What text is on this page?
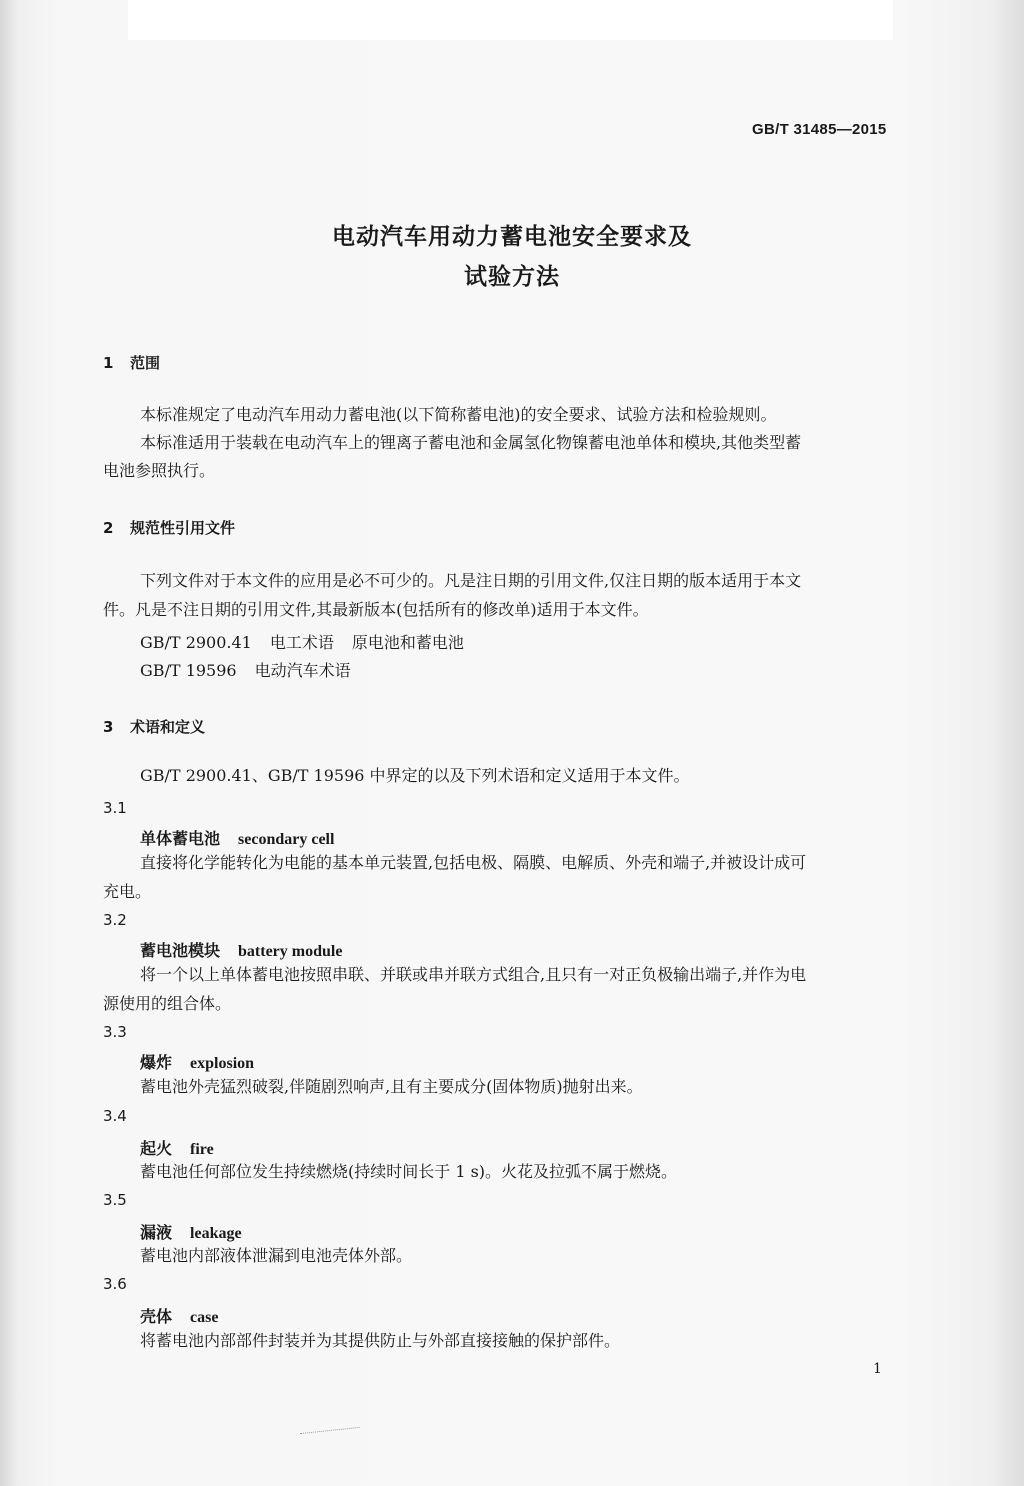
GB/T 31485—2015
电动汽车用动力蓄电池安全要求及
试验方法
1 范围
本标准规定了电动汽车用动力蓄电池(以下简称蓄电池)的安全要求、试验方法和检验规则。
本标准适用于装载在电动汽车上的锂离子蓄电池和金属氢化物镍蓄电池单体和模块,其他类型蓄
电池参照执行。
2 规范性引用文件
下列文件对于本文件的应用是必不可少的。凡是注日期的引用文件,仅注日期的版本适用于本文
件。凡是不注日期的引用文件,其最新版本(包括所有的修改单)适用于本文件。
GB/T 2900.41 电工术语 原电池和蓄电池
GB/T 19596 电动汽车术语
3 术语和定义
GB/T 2900.41、GB/T 19596 中界定的以及下列术语和定义适用于本文件。
3.1
单体蓄电池 secondary cell
直接将化学能转化为电能的基本单元装置,包括电极、隔膜、电解质、外壳和端子,并被设计成可
充电。
3.2
蓄电池模块 battery module
将一个以上单体蓄电池按照串联、并联或串并联方式组合,且只有一对正负极输出端子,并作为电
源使用的组合体。
3.3
爆炸 explosion
蓄电池外壳猛烈破裂,伴随剧烈响声,且有主要成分(固体物质)抛射出来。
3.4
起火 fire
蓄电池任何部位发生持续燃烧(持续时间长于 1 s)。火花及拉弧不属于燃烧。
3.5
漏液 leakage
蓄电池内部液体泄漏到电池壳体外部。
3.6
壳体 case
将蓄电池内部部件封装并为其提供防止与外部直接接触的保护部件。
1
